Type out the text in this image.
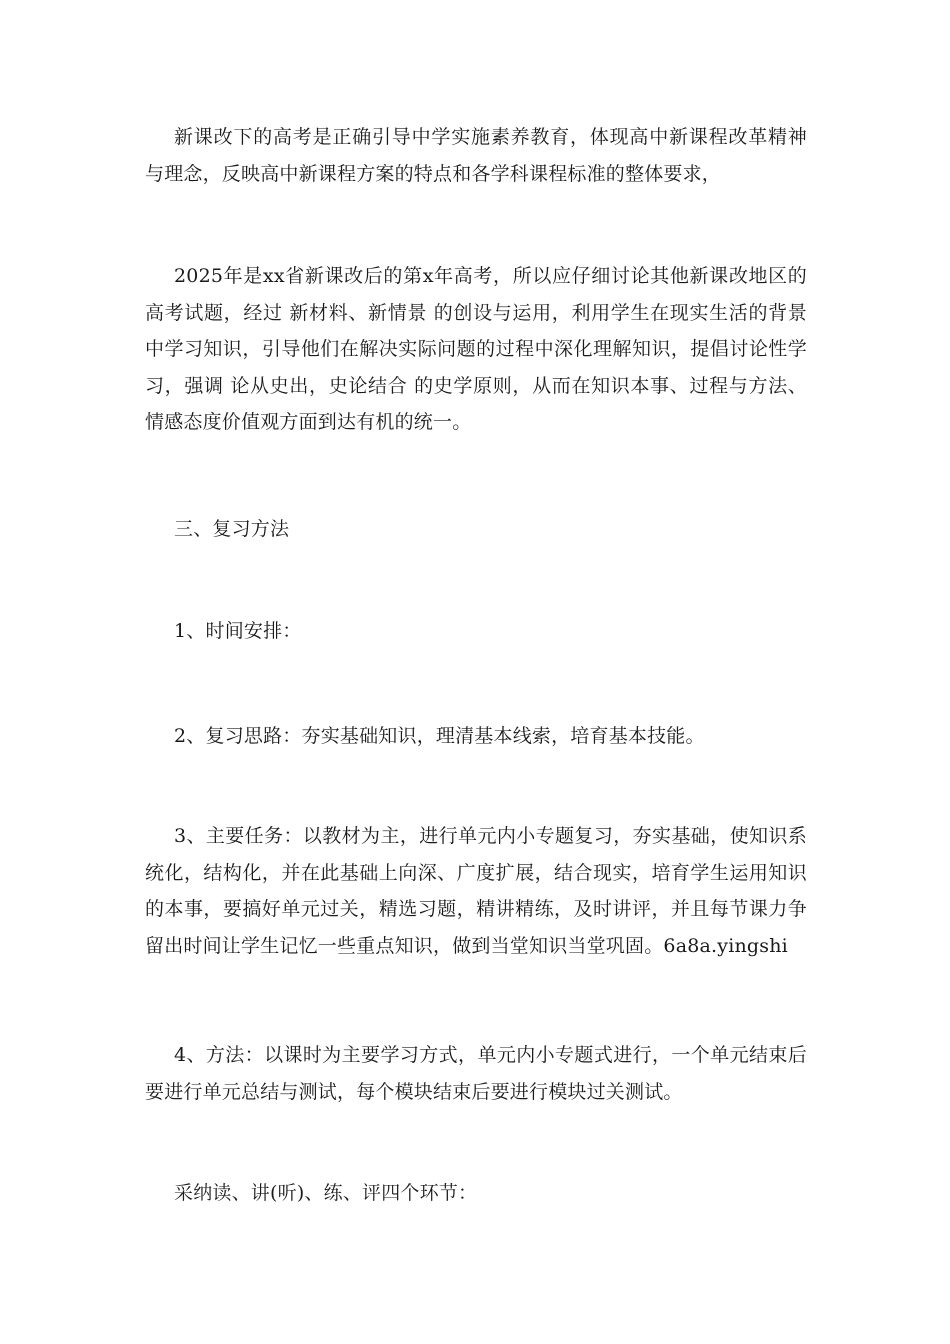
新课改下的高考是正确引导中学实施素养教育，体现高中新课程改革精神与理念，反映高中新课程方案的特点和各学科课程标准的整体要求，

2025年是xx省新课改后的第x年高考，所以应仔细讨论其他新课改地区的高考试题，经过 新材料、新情景 的创设与运用，利用学生在现实生活的背景中学习知识，引导他们在解决实际问题的过程中深化理解知识，提倡讨论性学习，强调 论从史出，史论结合 的史学原则，从而在知识本事、过程与方法、情感态度价值观方面到达有机的统一。

三、复习方法

1、时间安排：

2、复习思路：夯实基础知识，理清基本线索，培育基本技能。

3、主要任务：以教材为主，进行单元内小专题复习，夯实基础，使知识系统化，结构化，并在此基础上向深、广度扩展，结合现实，培育学生运用知识的本事，要搞好单元过关，精选习题，精讲精练，及时讲评，并且每节课力争留出时间让学生记忆一些重点知识，做到当堂知识当堂巩固。6a8a.yingshi

4、方法：以课时为主要学习方式，单元内小专题式进行，一个单元结束后要进行单元总结与测试，每个模块结束后要进行模块过关测试。

采纳读、讲(听)、练、评四个环节：
